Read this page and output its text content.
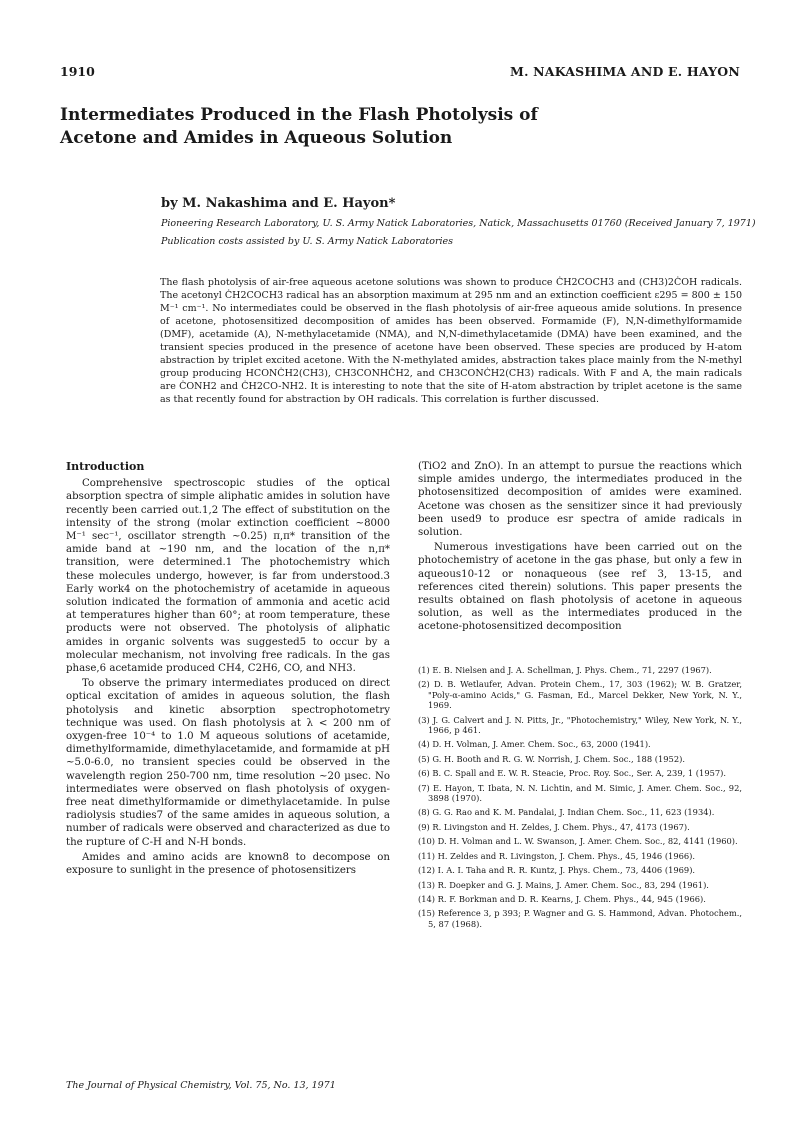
1910	M. NAKASHIMA AND E. HAYON
Intermediates Produced in the Flash Photolysis of Acetone and Amides in Aqueous Solution

by M. Nakashima and E. Hayon*

Pioneering Research Laboratory, U. S. Army Natick Laboratories, Natick, Massachusetts 01760 (Received January 7, 1971)

Publication costs assisted by U. S. Army Natick Laboratories

The flash photolysis of air-free aqueous acetone solutions was shown to produce ĊH2COCH3 and (CH3)2ĊOH radicals. The acetonyl ĊH2COCH3 radical has an absorption maximum at 295 nm and an extinction coefficient ε295 = 800 ± 150 M⁻¹ cm⁻¹. No intermediates could be observed in the flash photolysis of air-free aqueous amide solutions. In presence of acetone, photosensitized decomposition of amides has been observed. Formamide (F), N,N-dimethylformamide (DMF), acetamide (A), N-methylacetamide (NMA), and N,N-dimethylacetamide (DMA) have been examined, and the transient species produced in the presence of acetone have been observed. These species are produced by H-atom abstraction by triplet excited acetone. With the N-methylated amides, abstraction takes place mainly from the N-methyl group producing HCONĊH2(CH3), CH3CONHĊH2, and CH3CONĊH2(CH3) radicals. With F and A, the main radicals are ĊONH2 and ĊH2CO-NH2. It is interesting to note that the site of H-atom abstraction by triplet acetone is the same as that recently found for abstraction by OH radicals. This correlation is further discussed.

Introduction

Comprehensive spectroscopic studies of the optical absorption spectra of simple aliphatic amides in solution have recently been carried out.1,2 The effect of substitution on the intensity of the strong (molar extinction coefficient ~8000 M⁻¹ sec⁻¹, oscillator strength ~0.25) π,π* transition of the amide band at ~190 nm, and the location of the n,π* transition, were determined.1 The photochemistry which these molecules undergo, however, is far from understood.3 Early work4 on the photochemistry of acetamide in aqueous solution indicated the formation of ammonia and acetic acid at temperatures higher than 60°; at room temperature, these products were not observed. The photolysis of aliphatic amides in organic solvents was suggested5 to occur by a molecular mechanism, not involving free radicals. In the gas phase,6 acetamide produced CH4, C2H6, CO, and NH3.

To observe the primary intermediates produced on direct optical excitation of amides in aqueous solution, the flash photolysis and kinetic absorption spectrophotometry technique was used. On flash photolysis at λ < 200 nm of oxygen-free 10⁻⁴ to 1.0 M aqueous solutions of acetamide, dimethylformamide, dimethylacetamide, and formamide at pH ~5.0-6.0, no transient species could be observed in the wavelength region 250-700 nm, time resolution ~20 μsec. No intermediates were observed on flash photolysis of oxygen-free neat dimethylformamide or dimethylacetamide. In pulse radiolysis studies7 of the same amides in aqueous solution, a number of radicals were observed and characterized as due to the rupture of C-H and N-H bonds.

Amides and amino acids are known8 to decompose on exposure to sunlight in the presence of photosensitizers

(TiO2 and ZnO). In an attempt to pursue the reactions which simple amides undergo, the intermediates produced in the photosensitized decomposition of amides were examined. Acetone was chosen as the sensitizer since it had previously been used9 to produce esr spectra of amide radicals in solution.

Numerous investigations have been carried out on the photochemistry of acetone in the gas phase, but only a few in aqueous10-12 or nonaqueous (see ref 3, 13-15, and references cited therein) solutions. This paper presents the results obtained on flash photolysis of acetone in aqueous solution, as well as the intermediates produced in the acetone-photosensitized decomposition

(1) E. B. Nielsen and J. A. Schellman, J. Phys. Chem., 71, 2297 (1967).
(2) D. B. Wetlaufer, Advan. Protein Chem., 17, 303 (1962); W. B. Gratzer, "Poly-α-amino Acids," G. Fasman, Ed., Marcel Dekker, New York, N. Y., 1969.
(3) J. G. Calvert and J. N. Pitts, Jr., "Photochemistry," Wiley, New York, N. Y., 1966, p 461.
(4) D. H. Volman, J. Amer. Chem. Soc., 63, 2000 (1941).
(5) G. H. Booth and R. G. W. Norrish, J. Chem. Soc., 188 (1952).
(6) B. C. Spall and E. W. R. Steacie, Proc. Roy. Soc., Ser. A, 239, 1 (1957).
(7) E. Hayon, T. Ibata, N. N. Lichtin, and M. Simic, J. Amer. Chem. Soc., 92, 3898 (1970).
(8) G. G. Rao and K. M. Pandalai, J. Indian Chem. Soc., 11, 623 (1934).
(9) R. Livingston and H. Zeldes, J. Chem. Phys., 47, 4173 (1967).
(10) D. H. Volman and L. W. Swanson, J. Amer. Chem. Soc., 82, 4141 (1960).
(11) H. Zeldes and R. Livingston, J. Chem. Phys., 45, 1946 (1966).
(12) I. A. I. Taha and R. R. Kuntz, J. Phys. Chem., 73, 4406 (1969).
(13) R. Doepker and G. J. Mains, J. Amer. Chem. Soc., 83, 294 (1961).
(14) R. F. Borkman and D. R. Kearns, J. Chem. Phys., 44, 945 (1966).
(15) Reference 3, p 393; P. Wagner and G. S. Hammond, Advan. Photochem., 5, 87 (1968).
The Journal of Physical Chemistry, Vol. 75, No. 13, 1971
